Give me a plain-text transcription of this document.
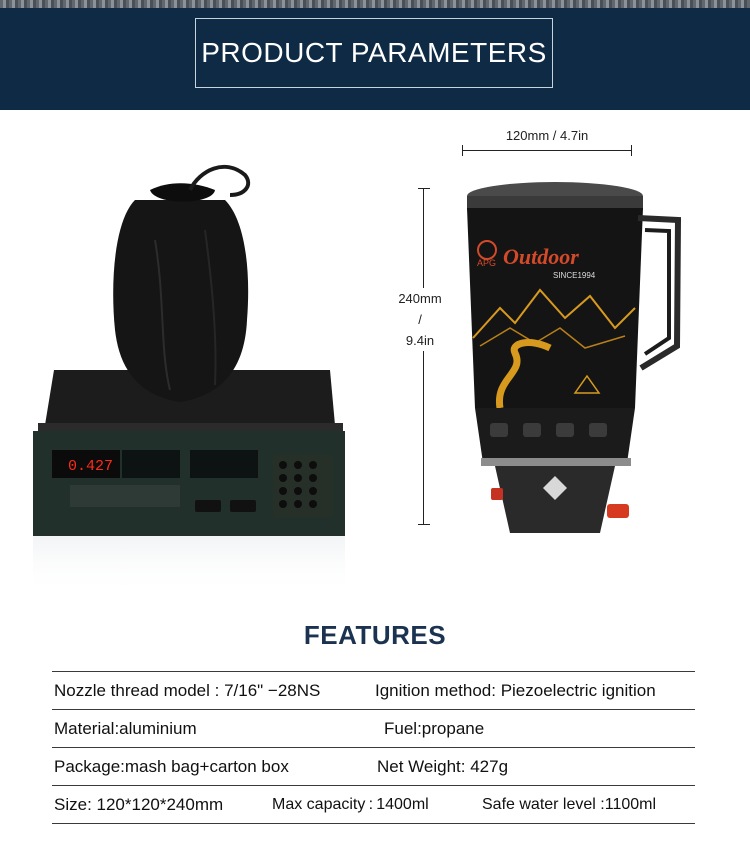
PRODUCT PARAMETERS
0.427
120mm / 4.7in
240mm
/
9.4in
APG Outdoor
SINCE1994
FEATURES
Nozzle thread model : 7/16" −28NS	Ignition method: Piezoelectric ignition
Material:aluminium	Fuel:propane
Package:mash bag+carton box	Net Weight: 427g
Size: 120*120*240mm	Max capacity : 1400ml	Safe water level :1100ml
